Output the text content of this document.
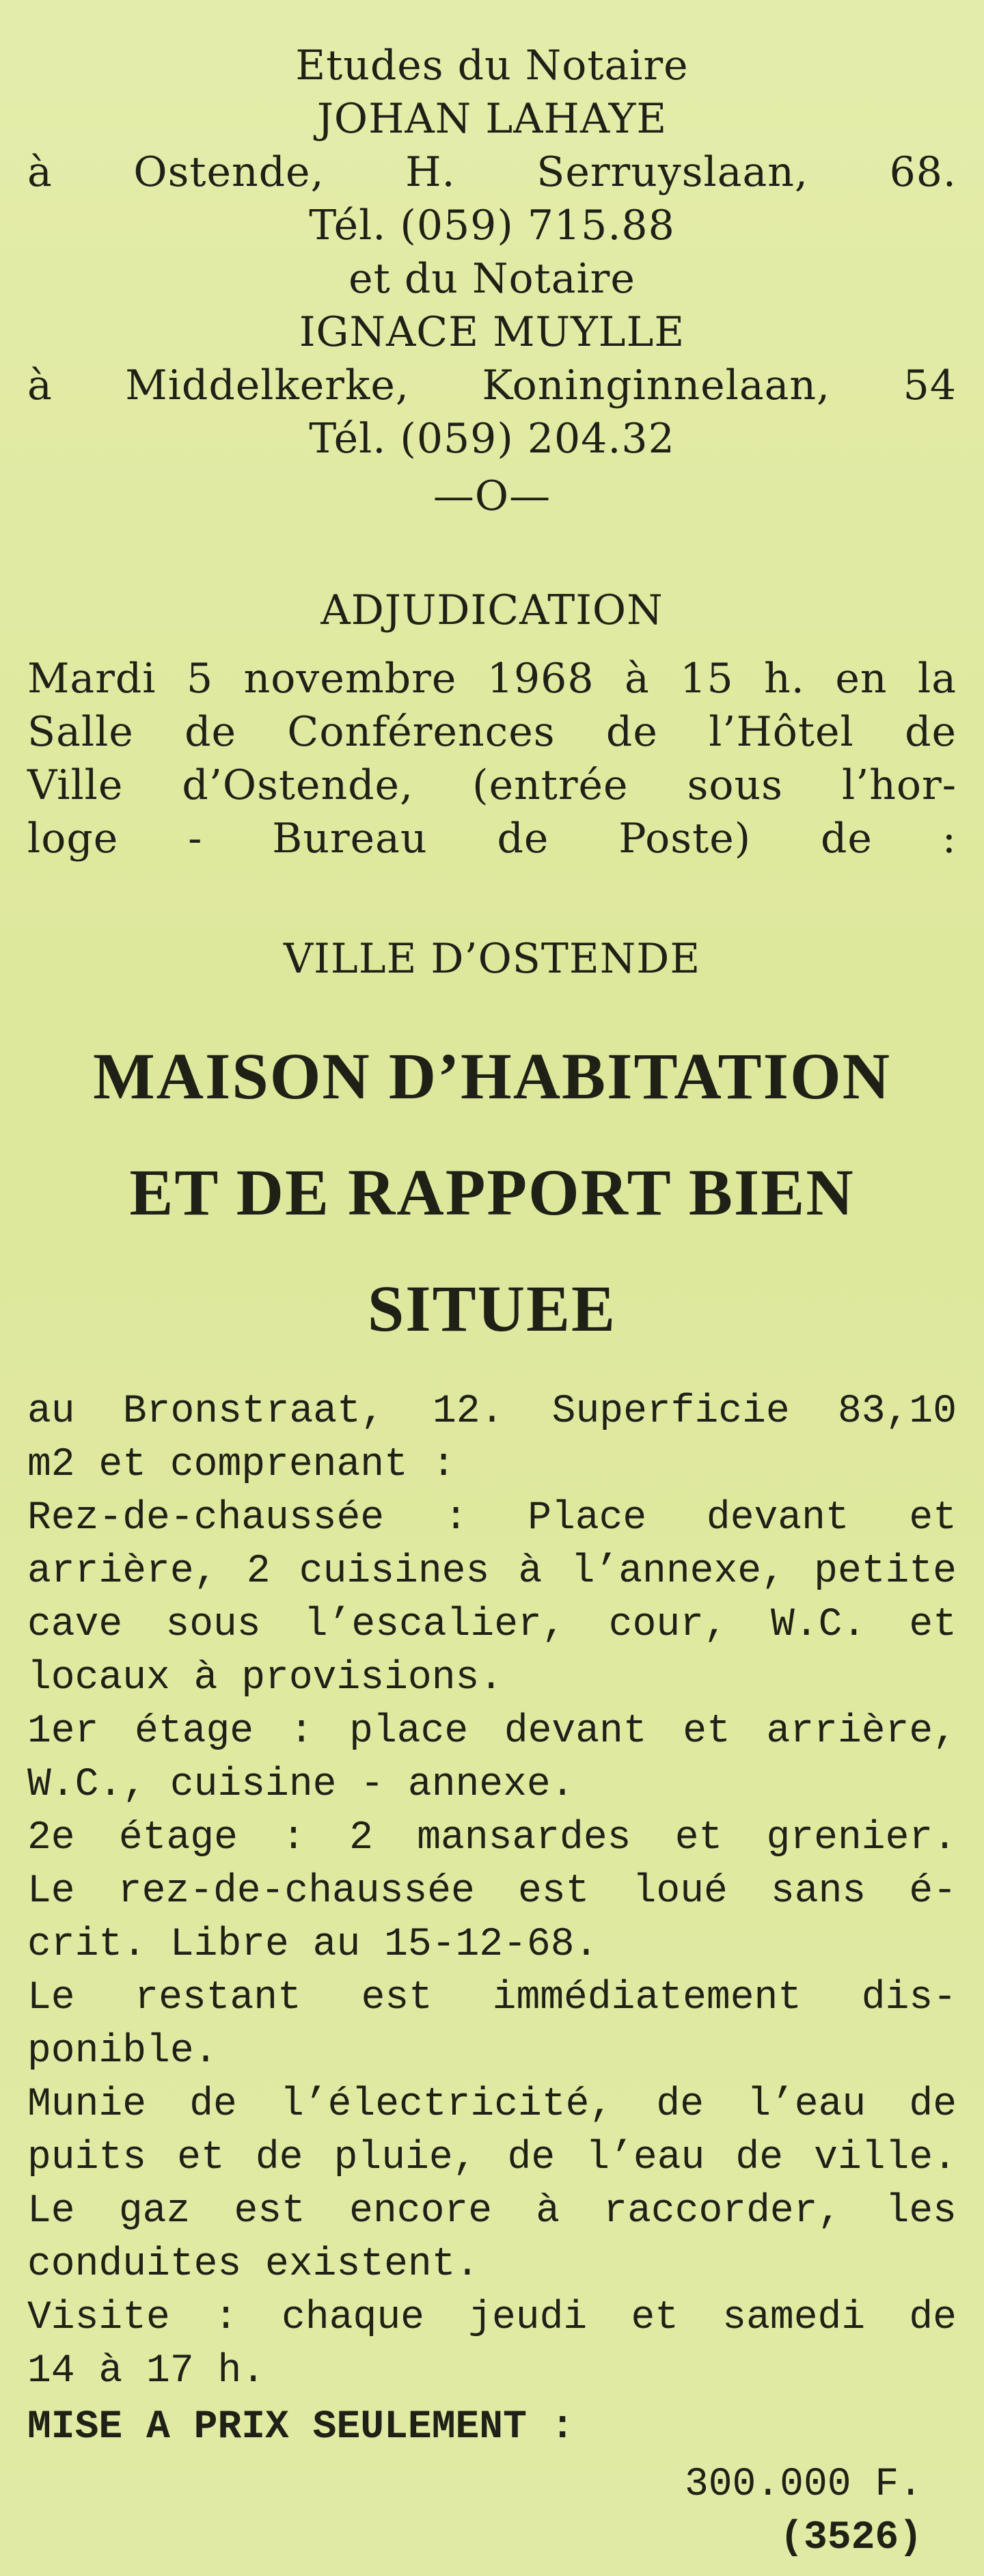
Etudes du Notaire
JOHAN LAHAYE
à Ostende, H. Serruyslaan, 68.
Tél. (059) 715.88
et du Notaire
IGNACE MUYLLE
à Middelkerke, Koninginnelaan, 54
Tél. (059) 204.32
—O—
ADJUDICATION
Mardi 5 novembre 1968 à 15 h. en la
Salle de Conférences de l’Hôtel de
Ville d’Ostende, (entrée sous l’hor-
loge - Bureau de Poste) de :
VILLE D’OSTENDE
MAISON D’HABITATION
ET DE RAPPORT BIEN
SITUEE
au Bronstraat, 12. Superficie 83,10
m2 et comprenant :
Rez-de-chaussée : Place devant et
arrière, 2 cuisines à l’annexe, petite
cave sous l’escalier, cour, W.C. et
locaux à provisions.
1er étage : place devant et arrière,
W.C., cuisine - annexe.
2e étage : 2 mansardes et grenier.
Le rez-de-chaussée est loué sans é-
crit. Libre au 15-12-68.
Le restant est immédiatement dis-
ponible.
Munie de l’électricité, de l’eau de
puits et de pluie, de l’eau de ville.
Le gaz est encore à raccorder, les
conduites existent.
Visite : chaque jeudi et samedi de
14 à 17 h.
MISE A PRIX SEULEMENT :
300.000 F.
(3526)
